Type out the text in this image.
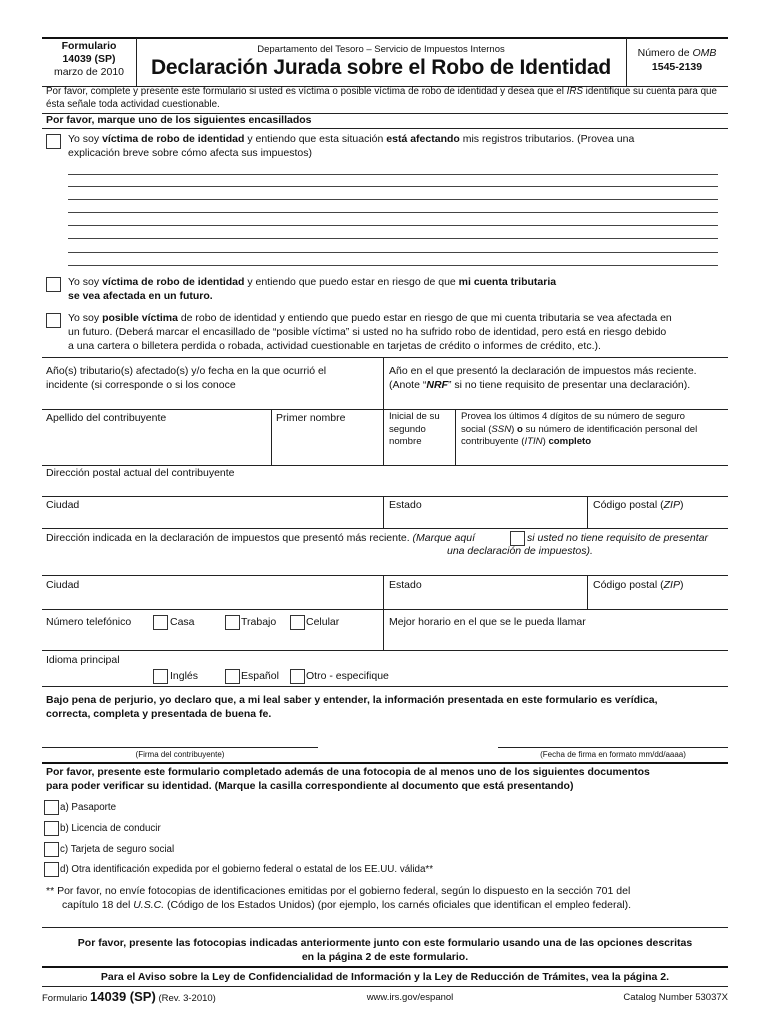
Formulario
14039 (SP)
marzo de 2010
Departamento del Tesoro – Servicio de Impuestos Internos
Declaración Jurada sobre el Robo de Identidad
Número de OMB
1545-2139
Por favor, complete y presente este formulario si usted es víctima o posible víctima de robo de identidad y desea que el IRS identifique su cuenta para que ésta señale toda actividad cuestionable.
Por favor, marque uno de los siguientes encasillados
Yo soy víctima de robo de identidad y entiendo que esta situación está afectando mis registros tributarios. (Provea una
explicación breve sobre cómo afecta sus impuestos)
Yo soy víctima de robo de identidad y entiendo que puedo estar en riesgo de que mi cuenta tributaria
se vea afectada en un futuro.
Yo soy posible víctima de robo de identidad y entiendo que puedo estar en riesgo de que mi cuenta tributaria se vea afectada en
un futuro. (Deberá marcar el encasillado de “posible víctima” si usted no ha sufrido robo de identidad, pero está en riesgo debido
a una cartera o billetera perdida o robada, actividad cuestionable en tarjetas de crédito o informes de crédito, etc.).
Año(s) tributario(s) afectado(s) y/o fecha en la que ocurrió el
incidente (si corresponde o si los conoce
Año en el que presentó la declaración de impuestos más reciente.
(Anote “NRF” si no tiene requisito de presentar una declaración).
Apellido del contribuyente	Primer nombre	Inicial de su
segundo
nombre
Provea los últimos 4 dígitos de su número de seguro
social (SSN) o su número de identificación personal del
contribuyente (ITIN) completo
Dirección postal actual del contribuyente
Ciudad	Estado	Código postal (ZIP)
Dirección indicada en la declaración de impuestos que presentó más reciente. (Marque aquí	si usted no tiene requisito de presentar
una declaración de impuestos).
Ciudad	Estado	Código postal (ZIP)
Número telefónico	Casa	Trabajo	Celular	Mejor horario en el que se le pueda llamar
Idioma principal
Inglés	Español	Otro - especifique
Bajo pena de perjurio, yo declaro que, a mi leal saber y entender, la información presentada en este formulario es verídica,
correcta, completa y presentada de buena fe.
(Firma del contribuyente)	(Fecha de firma en formato mm/dd/aaaa)
Por favor, presente este formulario completado además de una fotocopia de al menos uno de los siguientes documentos
para poder verificar su identidad. (Marque la casilla correspondiente al documento que está presentando)
a) Pasaporte
b) Licencia de conducir
c) Tarjeta de seguro social
d) Otra identificación expedida por el gobierno federal o estatal de los EE.UU. válida**
** Por favor, no envíe fotocopias de identificaciones emitidas por el gobierno federal, según lo dispuesto en la sección 701 del
capítulo 18 del U.S.C. (Código de los Estados Unidos) (por ejemplo, los carnés oficiales que identifican el empleo federal).
Por favor, presente las fotocopias indicadas anteriormente junto con este formulario usando una de las opciones descritas
en la página 2 de este formulario.
Para el Aviso sobre la Ley de Confidencialidad de Información y la Ley de Reducción de Trámites, vea la página 2.
Formulario 14039 (SP) (Rev. 3-2010)	www.irs.gov/espanol	Catalog Number 53037X
